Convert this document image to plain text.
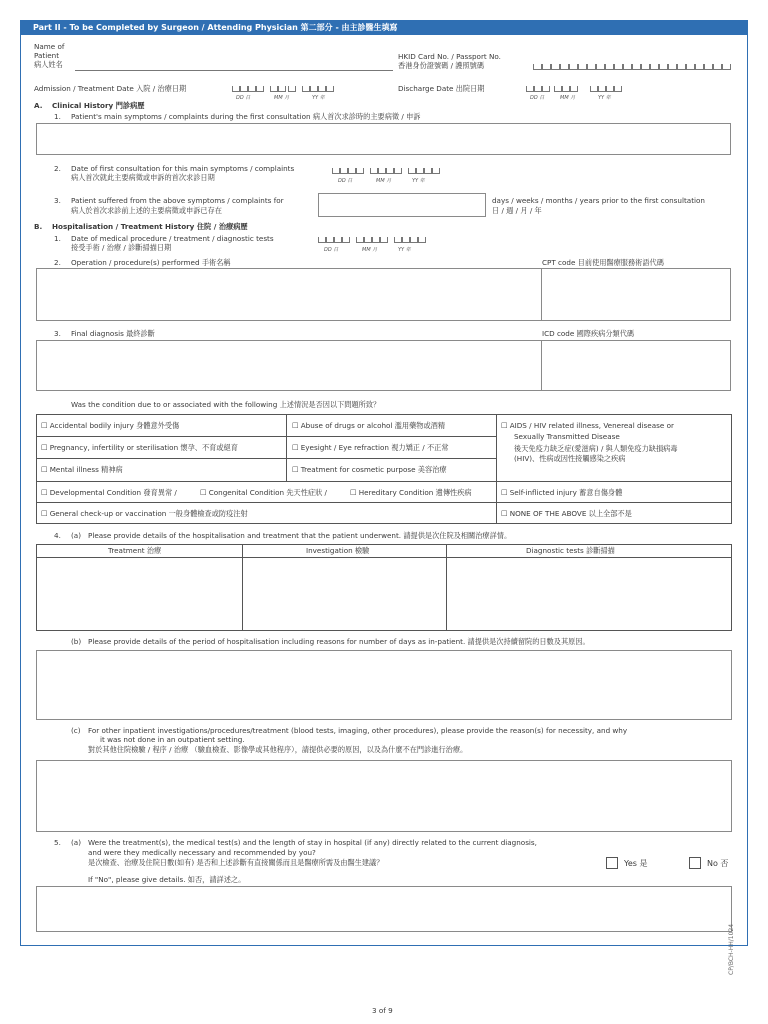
Part II - To be Completed by Surgeon / Attending Physician 第二部分 - 由主診醫生填寫
Name of
Patient
病人姓名
HKID Card No. / Passport No.
香港身份證號碼 / 護照號碼
Admission / Treatment Date 入院 / 治療日期
DD 日	MM 月	YY 年
Discharge Date 出院日期
DD 日	MM 月	YY 年
A. Clinical History 門診病歷
1. Patient's main symptoms / complaints during the first consultation 病人首次求診時的主要病徵 / 申訴
2. Date of first consultation for this main symptoms / complaints
病人首次就此主要病徵或申訴的首次求診日期	DD 日	MM 月	YY 年
3. Patient suffered from the above symptoms / complaints for
病人於首次求診前上述的主要病徵或申訴已存在
days / weeks / months / years prior to the first consultation
日 / 週 / 月 / 年
B. Hospitalisation / Treatment History 住院 / 治療病歷
1. Date of medical procedure / treatment / diagnostic tests
接受手術 / 治療 / 診斷掃描日期	DD 日	MM 月	YY 年
2. Operation / procedure(s) performed 手術名稱	CPT code 目前使用醫療服務術語代碼
3. Final diagnosis 最終診斷	ICD code 國際疾病分類代碼
Was the condition due to or associated with the following 上述情況是否因以下問題所致？
☐ Accidental bodily injury 身體意外受傷	☐ Abuse of drugs or alcohol 濫用藥物或酒精	☐ AIDS / HIV related illness, Venereal disease or
Sexually Transmitted Disease
後天免疫力缺乏症(愛滋病) / 與人類免疫力缺損病毒
(HIV)、性病或因性接觸感染之疾病
☐ Pregnancy, infertility or sterilisation 懷孕、不育或絕育	☐ Eyesight / Eye refraction 視力矯正 / 不正常
☐ Mental illness 精神病	☐ Treatment for cosmetic purpose 美容治療
☐ Developmental Condition 發育異常 /	☐ Congenital Condition 先天性症狀 /	☐ Hereditary Condition 遺傳性疾病	☐ Self-inflicted injury 蓄意自傷身體
☐ General check-up or vaccination 一般身體檢查或防疫注射	☐ NONE OF THE ABOVE 以上全部不是
4. (a) Please provide details of the hospitalisation and treatment that the patient underwent. 請提供是次住院及相關治療詳情。
Treatment 治療	Investigation 檢驗	Diagnostic tests 診斷掃描
(b) Please provide details of the period of hospitalisation including reasons for number of days as in-patient. 請提供是次持續留院的日數及其原因。
(c) For other inpatient investigations/procedures/treatment (blood tests, imaging, other procedures), please provide the reason(s) for necessity, and why
it was not done in an outpatient setting.
對於其他住院檢驗 / 程序 / 治療 （驗血檢查、影像學或其他程序），請提供必要的原因，以及為什麼不在門診進行治療。
5. (a) Were the treatment(s), the medical test(s) and the length of stay in hospital (if any) directly related to the current diagnosis,
and were they medically necessary and recommended by you?
是次檢查、治療及住院日數(如有) 是否和上述診斷有直接關係而且是醫療所需及由醫生建議？	Yes 是	No 否
If "No", please give details. 如否，請詳述之。
3 of 9
CP/BCH-HH/1024
